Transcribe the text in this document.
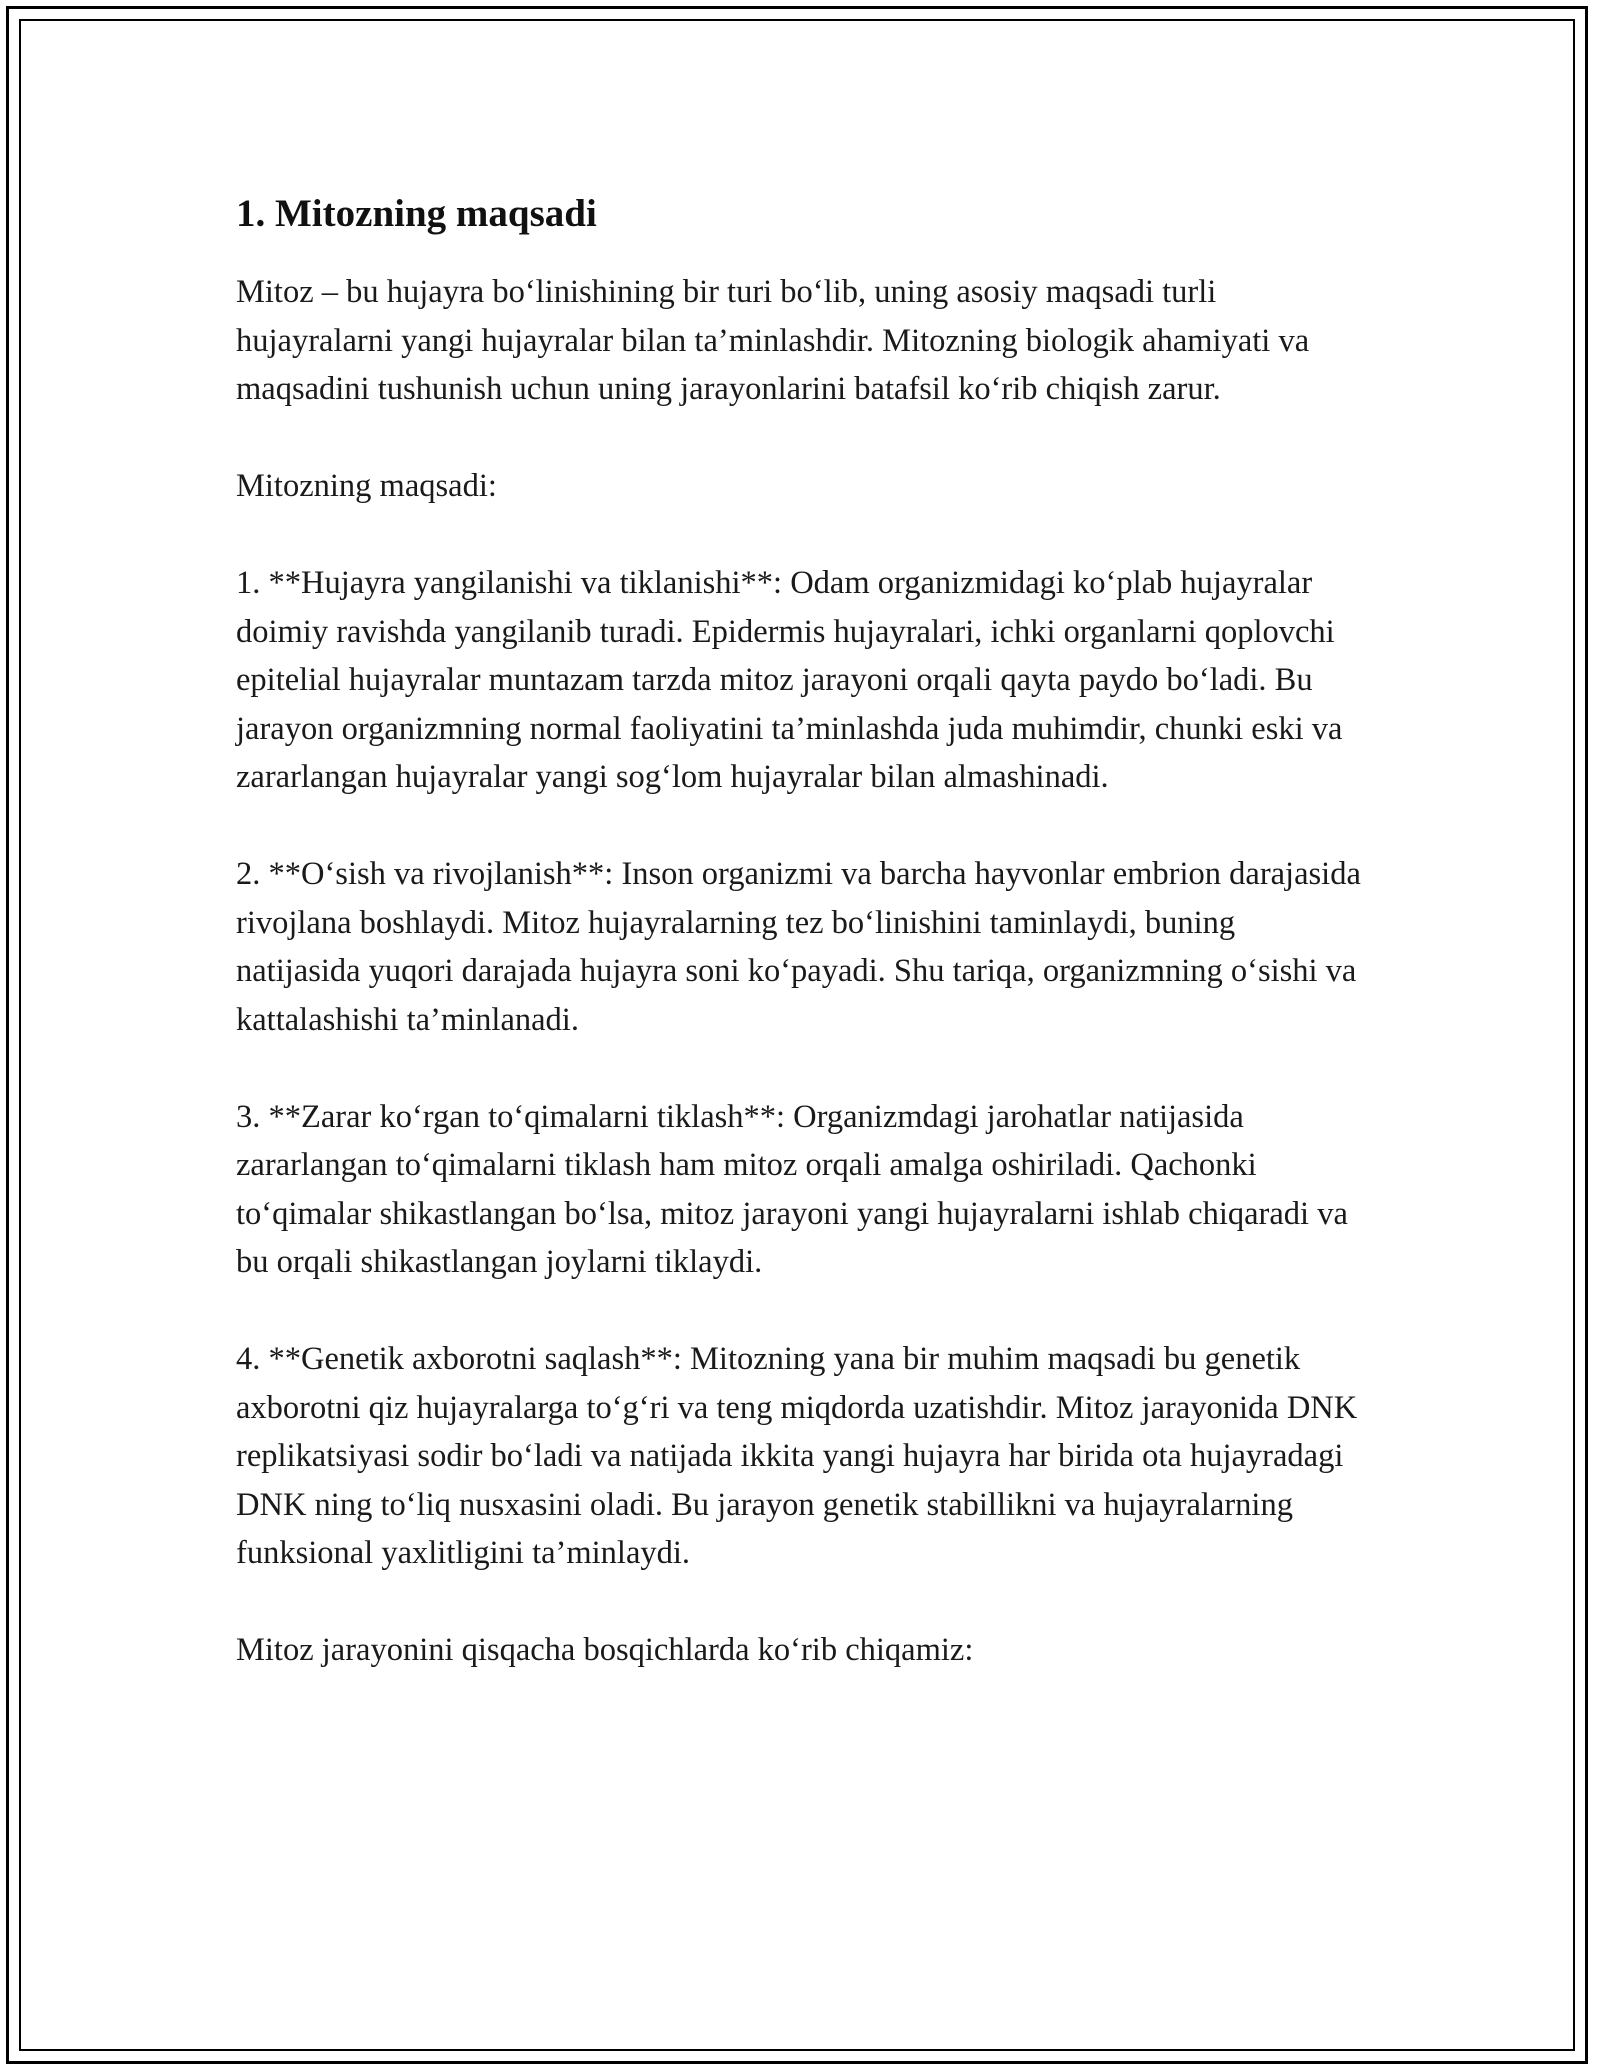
1. Mitozning maqsadi

Mitoz – bu hujayra bo‘linishining bir turi bo‘lib, uning asosiy maqsadi turli hujayralarni yangi hujayralar bilan ta’minlashdir. Mitozning biologik ahamiyati va maqsadini tushunish uchun uning jarayonlarini batafsil ko‘rib chiqish zarur.

Mitozning maqsadi:

1. **Hujayra yangilanishi va tiklanishi**: Odam organizmidagi ko‘plab hujayralar doimiy ravishda yangilanib turadi. Epidermis hujayralari, ichki organlarni qoplovchi epitelial hujayralar muntazam tarzda mitoz jarayoni orqali qayta paydo bo‘ladi. Bu jarayon organizmning normal faoliyatini ta’minlashda juda muhimdir, chunki eski va zararlangan hujayralar yangi sog‘lom hujayralar bilan almashinadi.

2. **O‘sish va rivojlanish**: Inson organizmi va barcha hayvonlar embrion darajasida rivojlana boshlaydi. Mitoz hujayralarning tez bo‘linishini taminlaydi, buning natijasida yuqori darajada hujayra soni ko‘payadi. Shu tariqa, organizmning o‘sishi va kattalashishi ta’minlanadi.

3. **Zarar ko‘rgan to‘qimalarni tiklash**: Organizmdagi jarohatlar natijasida zararlangan to‘qimalarni tiklash ham mitoz orqali amalga oshiriladi. Qachonki to‘qimalar shikastlangan bo‘lsa, mitoz jarayoni yangi hujayralarni ishlab chiqaradi va bu orqali shikastlangan joylarni tiklaydi.

4. **Genetik axborotni saqlash**: Mitozning yana bir muhim maqsadi bu genetik axborotni qiz hujayralarga to‘g‘ri va teng miqdorda uzatishdir. Mitoz jarayonida DNK replikatsiyasi sodir bo‘ladi va natijada ikkita yangi hujayra har birida ota hujayradagi DNK ning to‘liq nusxasini oladi. Bu jarayon genetik stabillikni va hujayralarning funksional yaxlitligini ta’minlaydi.

Mitoz jarayonini qisqacha bosqichlarda ko‘rib chiqamiz:
